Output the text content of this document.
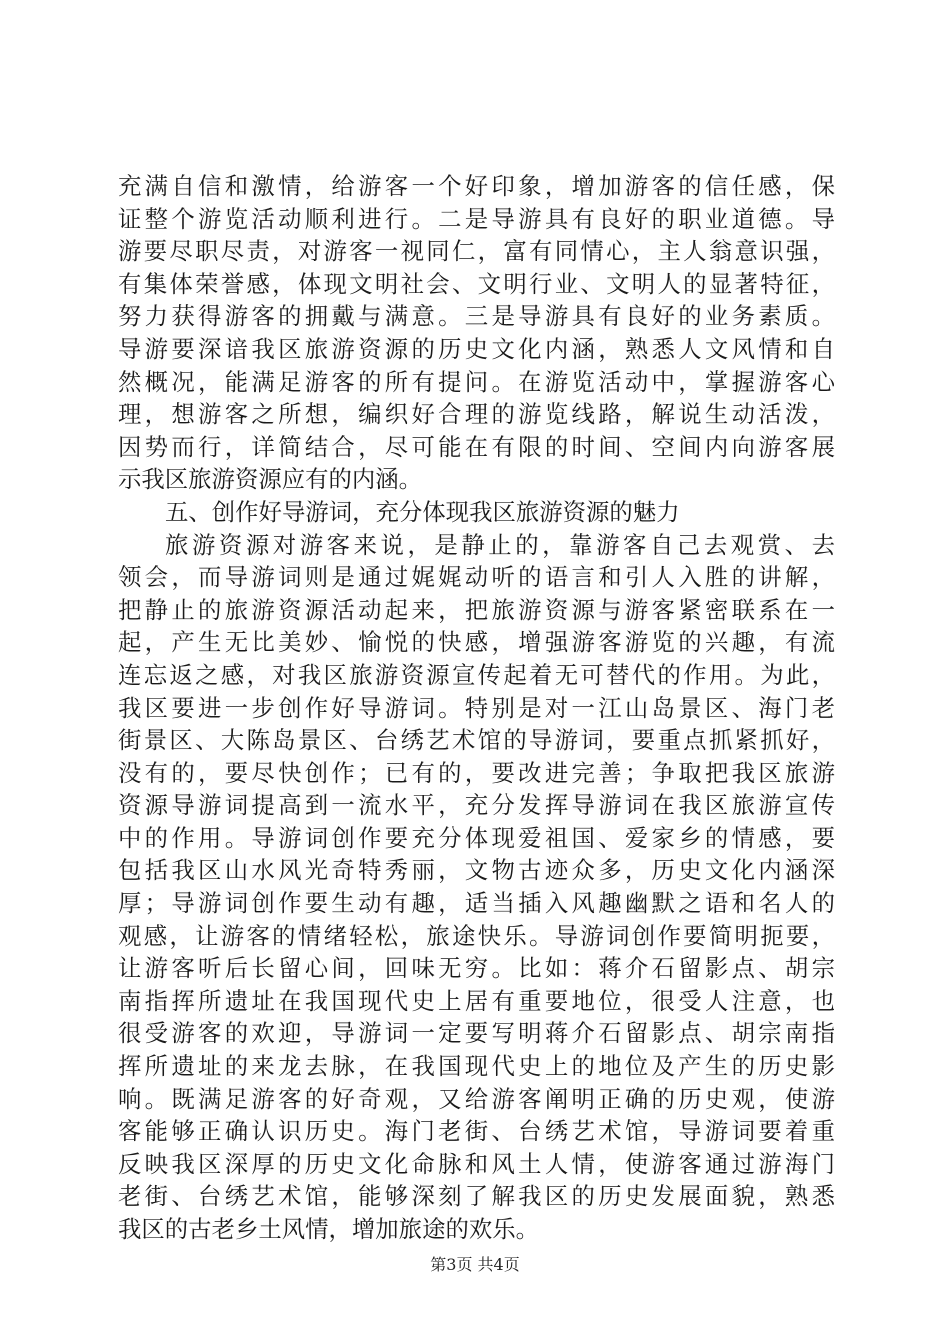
充满自信和激情，给游客一个好印象，增加游客的信任感，保
证整个游览活动顺利进行。二是导游具有良好的职业道德。导
游要尽职尽责，对游客一视同仁，富有同情心，主人翁意识强，
有集体荣誉感，体现文明社会、文明行业、文明人的显著特征，
努力获得游客的拥戴与满意。三是导游具有良好的业务素质。
导游要深谙我区旅游资源的历史文化内涵，熟悉人文风情和自
然概况，能满足游客的所有提问。在游览活动中，掌握游客心
理，想游客之所想，编织好合理的游览线路，解说生动活泼，
因势而行，详简结合，尽可能在有限的时间、空间内向游客展
示我区旅游资源应有的内涵。
五、创作好导游词，充分体现我区旅游资源的魅力
旅游资源对游客来说，是静止的，靠游客自己去观赏、去
领会，而导游词则是通过娓娓动听的语言和引人入胜的讲解，
把静止的旅游资源活动起来，把旅游资源与游客紧密联系在一
起，产生无比美妙、愉悦的快感，增强游客游览的兴趣，有流
连忘返之感，对我区旅游资源宣传起着无可替代的作用。为此，
我区要进一步创作好导游词。特别是对一江山岛景区、海门老
街景区、大陈岛景区、台绣艺术馆的导游词，要重点抓紧抓好，
没有的，要尽快创作；已有的，要改进完善；争取把我区旅游
资源导游词提高到一流水平，充分发挥导游词在我区旅游宣传
中的作用。导游词创作要充分体现爱祖国、爱家乡的情感，要
包括我区山水风光奇特秀丽，文物古迹众多，历史文化内涵深
厚；导游词创作要生动有趣，适当插入风趣幽默之语和名人的
观感，让游客的情绪轻松，旅途快乐。导游词创作要简明扼要，
让游客听后长留心间，回味无穷。比如：蒋介石留影点、胡宗
南指挥所遗址在我国现代史上居有重要地位，很受人注意，也
很受游客的欢迎，导游词一定要写明蒋介石留影点、胡宗南指
挥所遗址的来龙去脉，在我国现代史上的地位及产生的历史影
响。既满足游客的好奇观，又给游客阐明正确的历史观，使游
客能够正确认识历史。海门老街、台绣艺术馆，导游词要着重
反映我区深厚的历史文化命脉和风土人情，使游客通过游海门
老街、台绣艺术馆，能够深刻了解我区的历史发展面貌，熟悉
我区的古老乡土风情，增加旅途的欢乐。
第3页 共4页
